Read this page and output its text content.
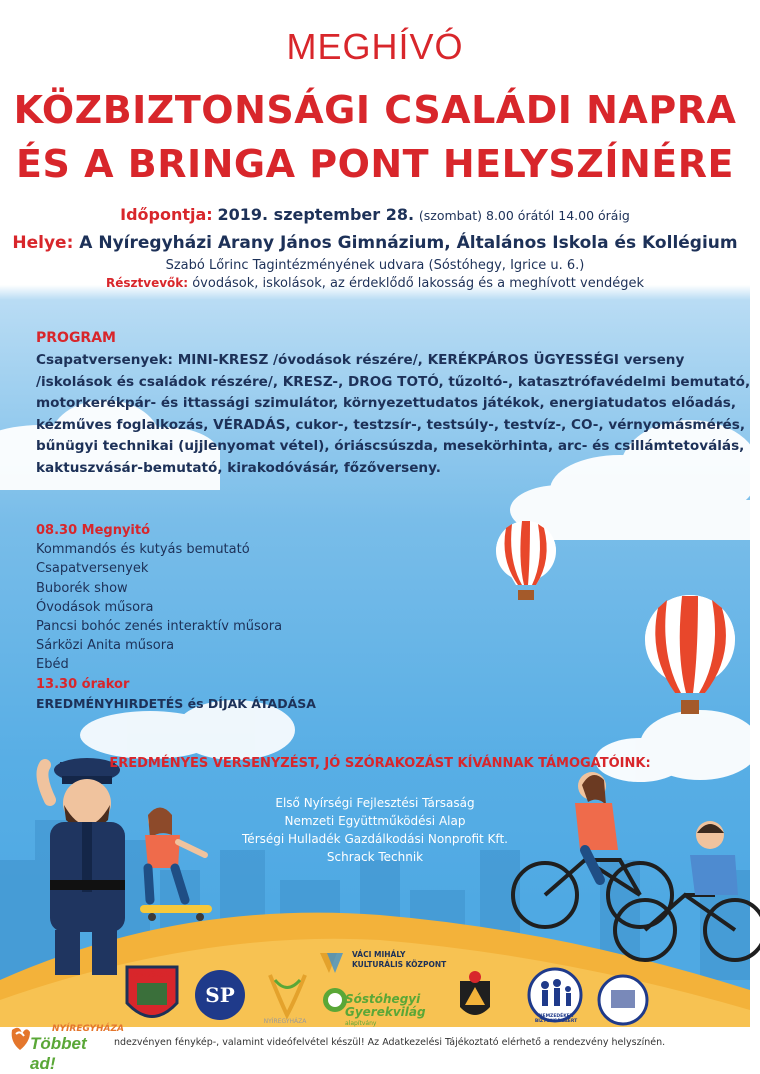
MEGHÍVÓ
KÖZBIZTONSÁGI CSALÁDI NAPRA
ÉS A BRINGA PONT HELYSZÍNÉRE
Időpontja: 2019. szeptember 28. (szombat) 8.00 órától 14.00 óráig
Helye: A Nyíregyházi Arany János Gimnázium, Általános Iskola és Kollégium
Szabó Lőrinc Tagintézményének udvara (Sóstóhegy, Igrice u. 6.)
Résztvevők: óvodások, iskolások, az érdeklődő lakosság és a meghívott vendégek
PROGRAM

Csapatversenyek: MINI-KRESZ /óvodások részére/, KERÉKPÁROS ÜGYESSÉGI verseny

/iskolások és családok részére/, KRESZ-, DROG TOTÓ, tűzoltó-, katasztrófavédelmi bemutató,

motorkerékpár- és ittassági szimulátor, környezettudatos játékok, energiatudatos előadás,

kézműves foglalkozás, VÉRADÁS, cukor-, testzsír-, testsúly-, testvíz-, CO-, vérnyomásmérés,

bűnügyi technikai (ujjlenyomat vétel), óriáscsúszda, mesekörhinta, arc- és csillámtetoválás,

kaktuszvásár-bemutató, kirakodóvásár, főzőverseny.

08.30 Megnyitó
Kommandós és kutyás bemutató
Csapatversenyek
Buborék show
Óvodások műsora
Pancsi bohóc zenés interaktív műsora
Sárközi Anita műsora
Ebéd
13.30 órakor
EREDMÉNYHIRDETÉS és DÍJAK ÁTADÁSA
EREDMÉNYES VERSENYZÉST, JÓ SZÓRAKOZÁST KÍVÁNNAK TÁMOGATÓINK:
Első Nyírségi Fejlesztési Társaság
Nemzeti Együttműködési Alap
Térségi Hulladék Gazdálkodási Nonprofit Kft.
Schrack Technik
SP
RENDŐRSÉG
VÁCI MIHÁLY
KULTURÁLIS KÖZPONT
NYÍREGYHÁZA
Sóstóhegyi
Gyerekvilág
alapítvány
NEMZEDÉKEK BIZTONSÁGÁÉRT
NYÍREGYHÁZA
Többet ad!
ndezvényen fénykép-, valamint videófelvétel készül! Az Adatkezelési Tájékoztató elérhető a rendezvény helyszínén.
